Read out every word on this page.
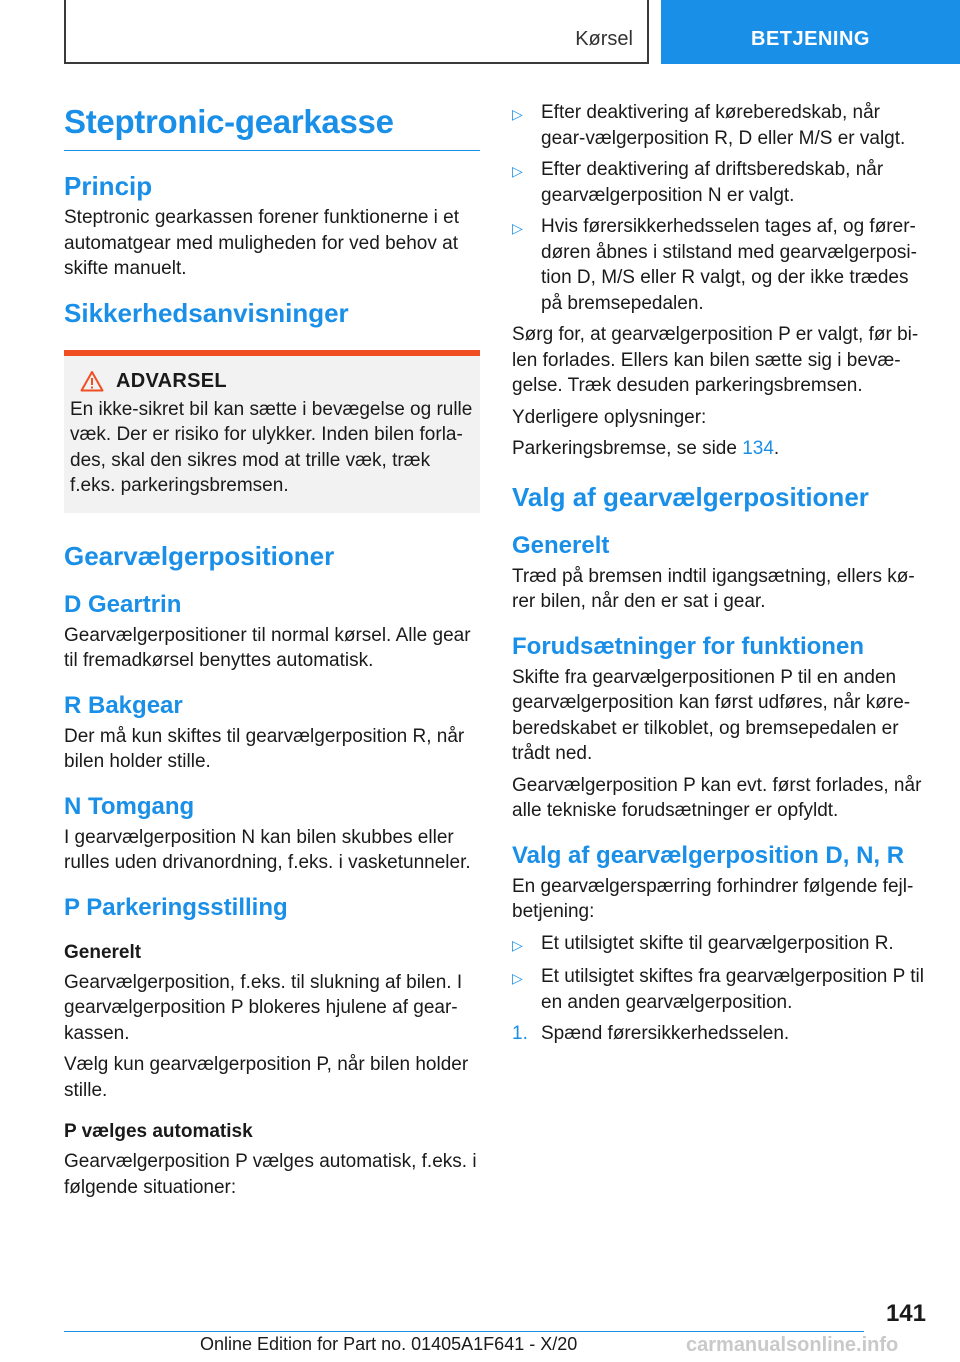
Kørsel	BETJENING
Steptronic-gearkasse
Princip

Steptronic gearkassen forener funktionerne i et automatgear med muligheden for ved behov at skifte manuelt.

Sikkerhedsanvisninger
ADVARSEL

En ikke-sikret bil kan sætte i bevægelse og rulle væk. Der er risiko for ulykker. Inden bilen forla-des, skal den sikres mod at trille væk, træk f.eks. parkeringsbremsen.

Gearvælgerpositioner
D Geartrin

Gearvælgerpositioner til normal kørsel. Alle gear til fremadkørsel benyttes automatisk.

R Bakgear

Der må kun skiftes til gearvælgerposition R, når bilen holder stille.

N Tomgang

I gearvælgerposition N kan bilen skubbes eller rulles uden drivanordning, f.eks. i vasketunneler.

P Parkeringsstilling
Generelt

Gearvælgerposition, f.eks. til slukning af bilen. I gearvælgerposition P blokeres hjulene af gear-kassen.

Vælg kun gearvælgerposition P, når bilen holder stille.

P vælges automatisk

Gearvælgerposition P vælges automatisk, f.eks. i følgende situationer:

▷ Efter deaktivering af køreberedskab, når gear-vælgerposition R, D eller M/S er valgt.
▷ Efter deaktivering af driftsberedskab, når gearvælgerposition N er valgt.
▷ Hvis førersikkerhedsselen tages af, og fører-døren åbnes i stilstand med gearvælgerposi-tion D, M/S eller R valgt, og der ikke trædes på bremsepedalen.

Sørg for, at gearvælgerposition P er valgt, før bi-len forlades. Ellers kan bilen sætte sig i bevæ-gelse. Træk desuden parkeringsbremsen.

Yderligere oplysninger:

Parkeringsbremse, se side 134.

Valg af gearvælgerpositioner
Generelt

Træd på bremsen indtil igangsætning, ellers kø-rer bilen, når den er sat i gear.

Forudsætninger for funktionen

Skifte fra gearvælgerpositionen P til en anden gearvælgerposition kan først udføres, når køre-beredskabet er tilkoblet, og bremsepedalen er trådt ned.

Gearvælgerposition P kan evt. først forlades, når alle tekniske forudsætninger er opfyldt.

Valg af gearvælgerposition D, N, R

En gearvælgerspærring forhindrer følgende fejl-betjening:

▷ Et utilsigtet skifte til gearvælgerposition R.
▷ Et utilsigtet skiftes fra gearvælgerposition P til en anden gearvælgerposition.
1. Spænd førersikkerhedsselen.
141
Online Edition for Part no. 01405A1F641 - X/20	carmanualsonline.info
